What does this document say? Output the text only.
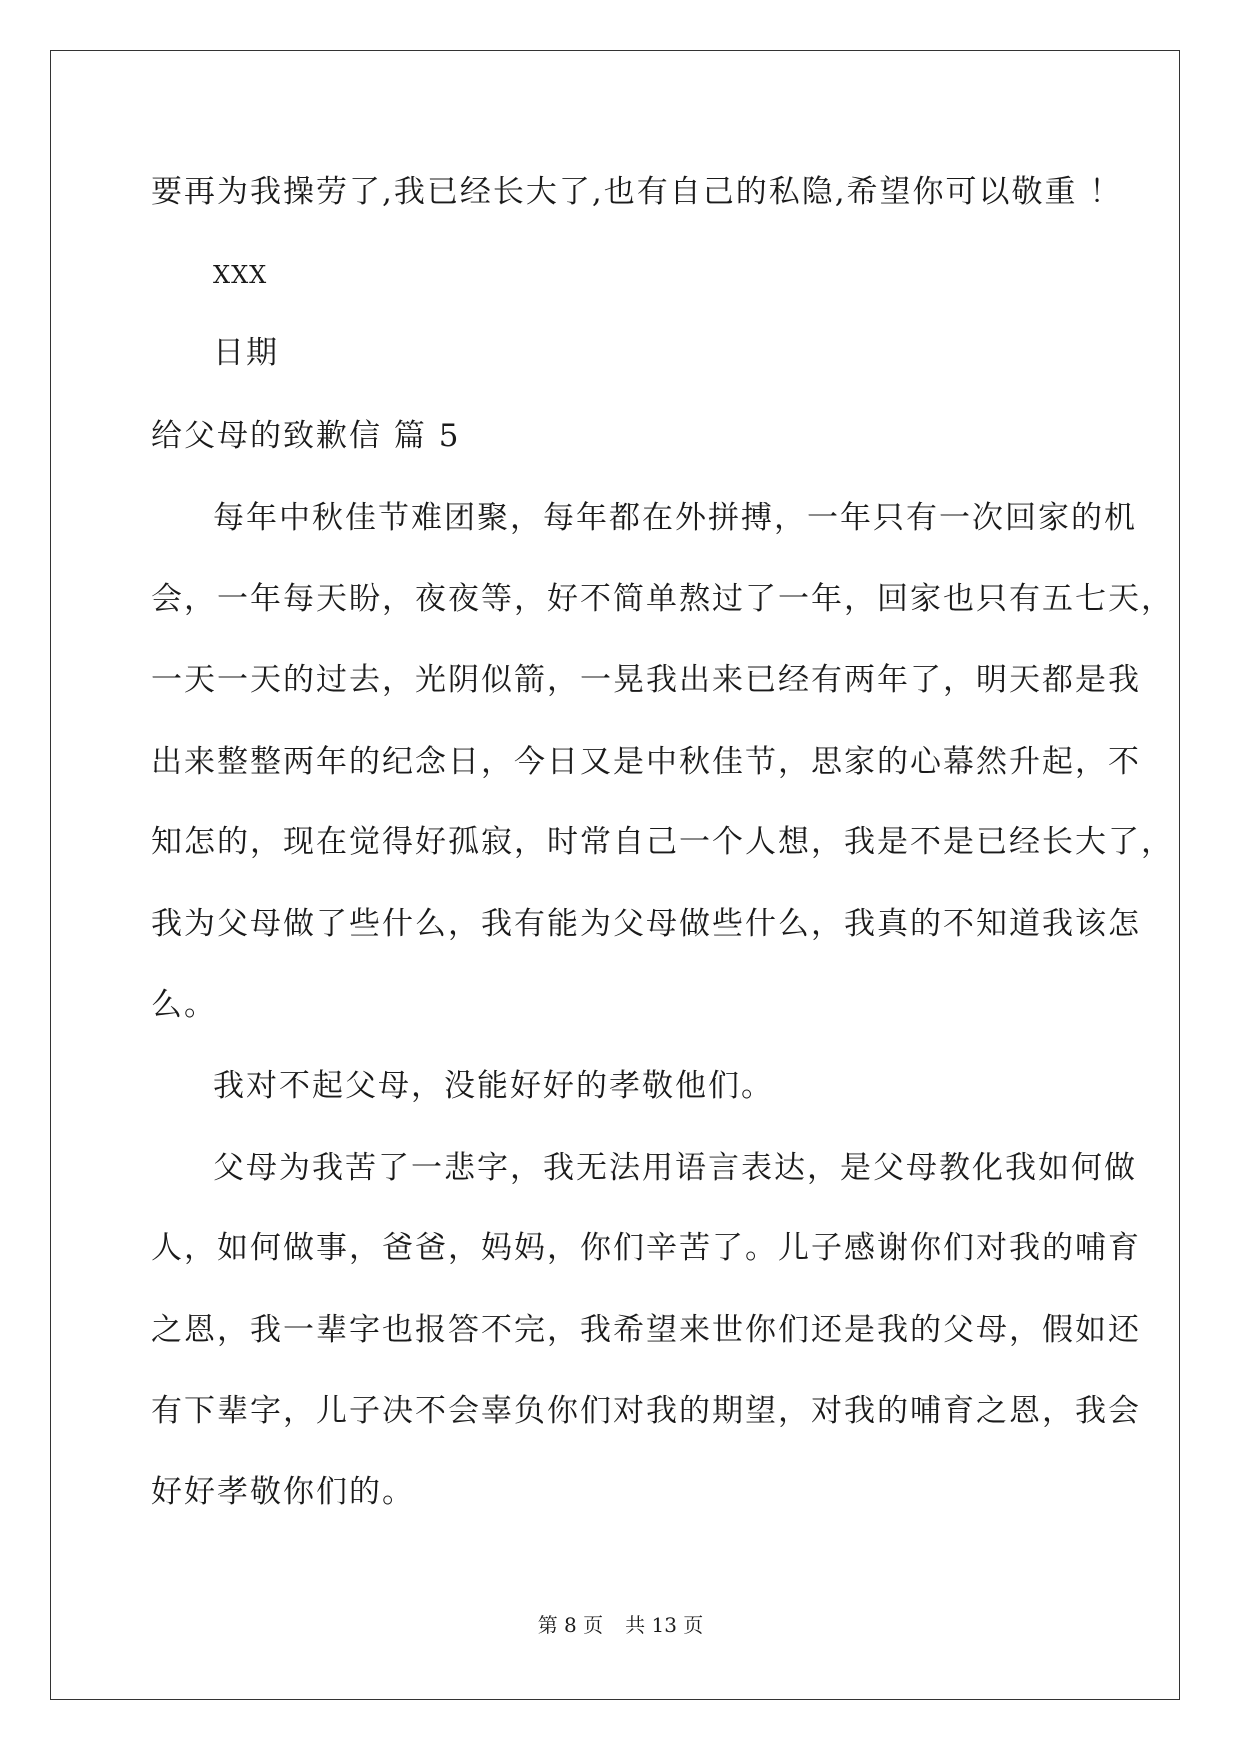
要再为我操劳了,我已经长大了,也有自己的私隐,希望你可以敬重 ！
XXX
日期
给父母的致歉信 篇 5
每年中秋佳节难团聚，每年都在外拼搏，一年只有一次回家的机
会，一年每天盼，夜夜等，好不简单熬过了一年，回家也只有五七天，
一天一天的过去，光阴似箭，一晃我出来已经有两年了，明天都是我
出来整整两年的纪念日，今日又是中秋佳节，思家的心幕然升起，不
知怎的，现在觉得好孤寂，时常自己一个人想，我是不是已经长大了，
我为父母做了些什么，我有能为父母做些什么，我真的不知道我该怎
么。
我对不起父母，没能好好的孝敬他们。
父母为我苦了一悲字，我无法用语言表达，是父母教化我如何做
人，如何做事，爸爸，妈妈，你们辛苦了。儿子感谢你们对我的哺育
之恩，我一辈字也报答不完，我希望来世你们还是我的父母，假如还
有下辈字，儿子决不会辜负你们对我的期望，对我的哺育之恩，我会
好好孝敬你们的。
第 8 页 共 13 页
